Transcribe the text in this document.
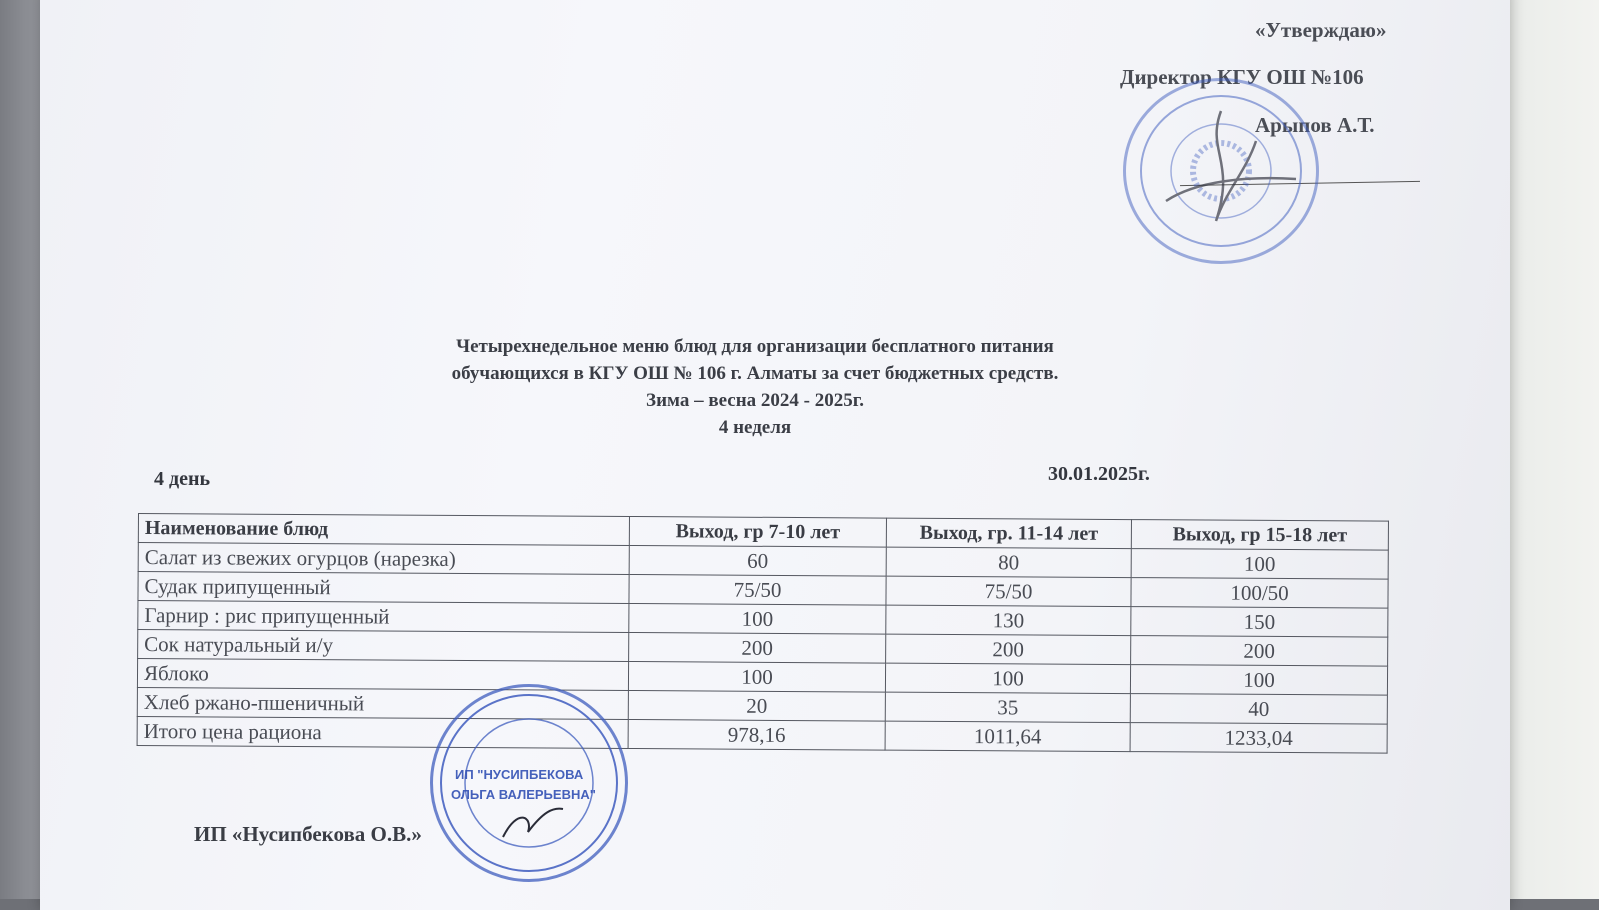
«Утверждаю»
Директор КГУ ОШ №106
Арыпов А.Т.
Четырехнедельное меню блюд для организации бесплатного питания
обучающихся в КГУ ОШ № 106 г. Алматы за счет бюджетных средств.
Зима – весна 2024 - 2025г.
4 неделя
4 день	30.01.2025г.
Наименование блюд	Выход, гр 7-10 лет	Выход, гр. 11-14 лет	Выход, гр 15-18 лет
Салат из свежих огурцов (нарезка)	60	80	100
Судак припущенный	75/50	75/50	100/50
Гарнир : рис припущенный	100	130	150
Сок натуральный и/у	200	200	200
Яблоко	100	100	100
Хлеб ржано-пшеничный	20	35	40
Итого цена рациона	978,16	1011,64	1233,04
ИП «Нусипбекова О.В.»
ИП "НУСИПБЕКОВА
ОЛЬГА ВАЛЕРЬЕВНА"
